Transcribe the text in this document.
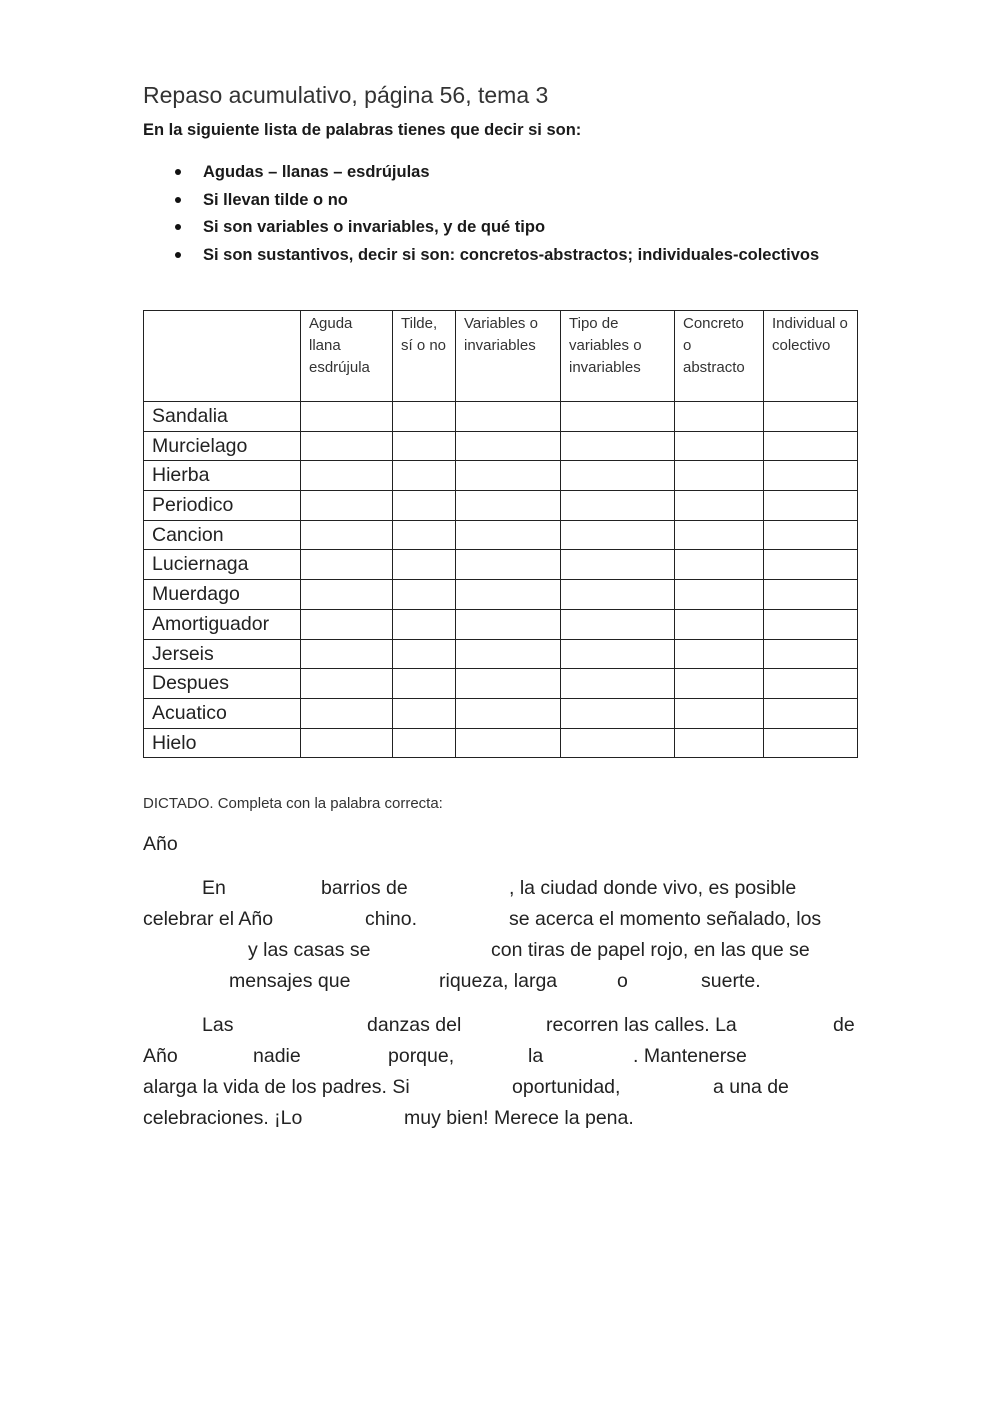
Repaso acumulativo, página 56, tema 3
En la siguiente lista de palabras tienes que decir si son:
Agudas – llanas – esdrújulas
Si llevan tilde o no
Si son variables o invariables, y de qué tipo
Si son sustantivos, decir si son: concretos-abstractos; individuales-colectivos
	Aguda llana esdrújula	Tilde, sí o no	Variables o invariables	Tipo de variables o invariables	Concreto o abstracto	Individual o colectivo
Sandalia						
Murcielago						
Hierba						
Periodico						
Cancion						
Luciernaga						
Muerdago						
Amortiguador						
Jerseis						
Despues						
Acuatico						
Hielo						
DICTADO. Completa con la palabra correcta:
Año
En	barrios de	, la ciudad donde vivo, es posible
celebrar el Año	chino.	se acerca el momento señalado, los
y las casas se	con tiras de papel rojo, en las que se
mensajes que	riqueza, larga	o	suerte.
Las	danzas del	recorren las calles. La	de
Año	nadie	porque,	la	. Mantenerse
alarga la vida de los padres. Si	oportunidad,	a una de
celebraciones. ¡Lo	muy bien! Merece la pena.
